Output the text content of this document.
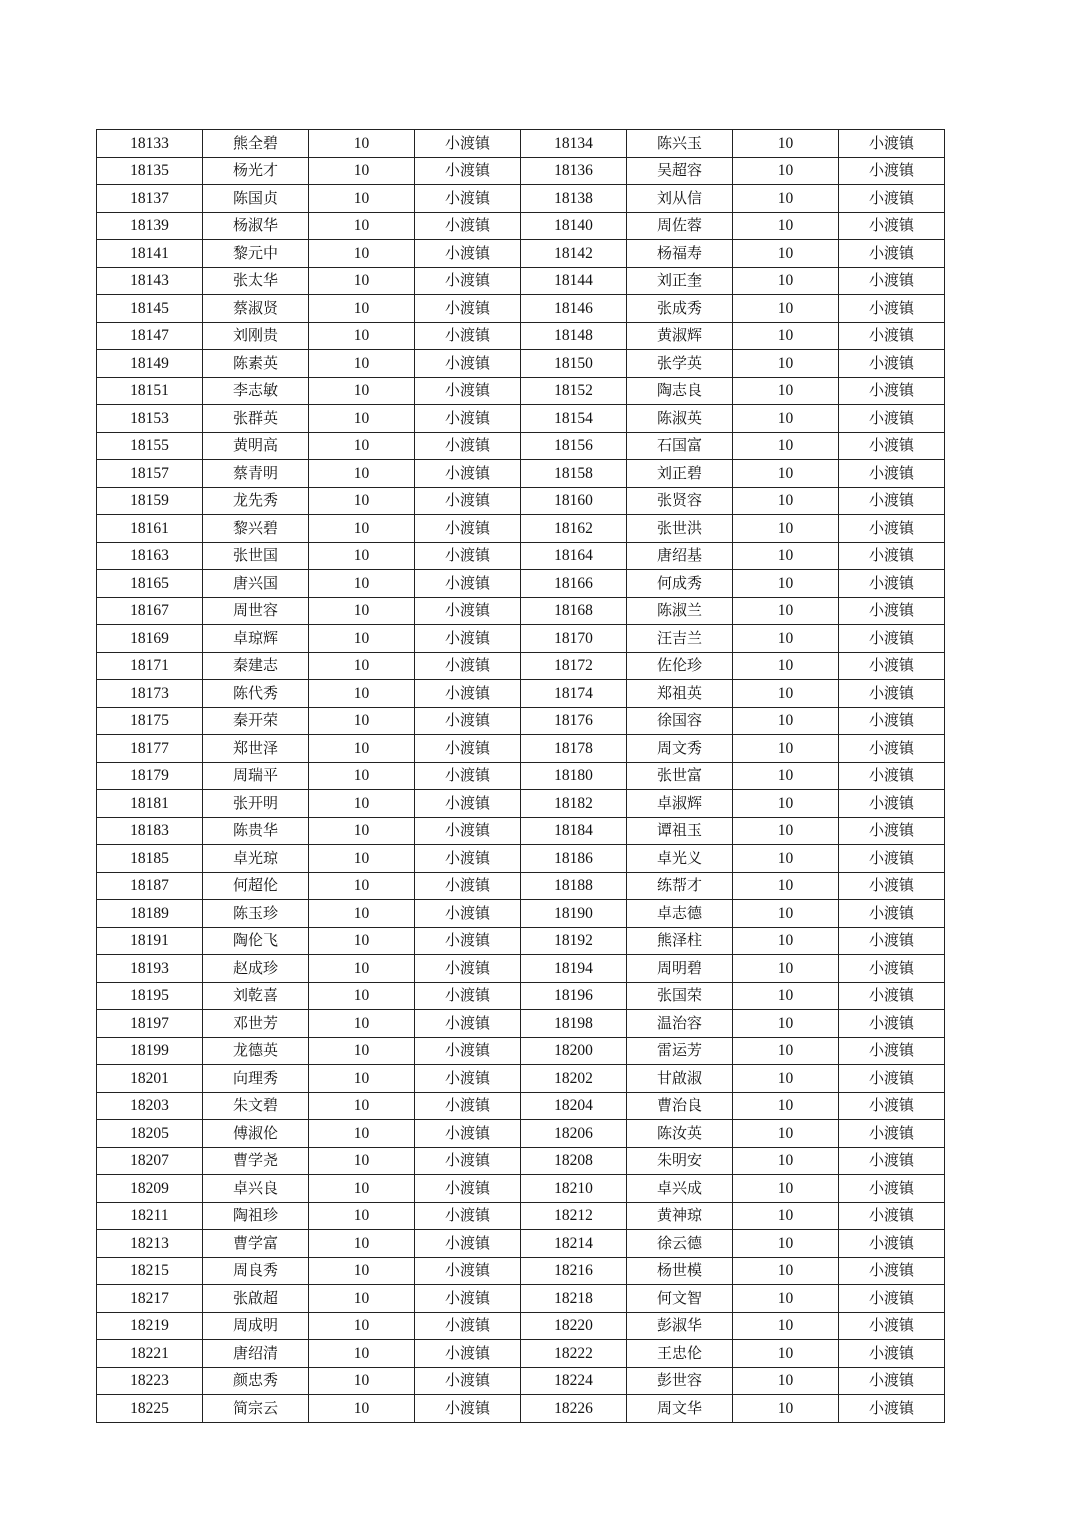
18133	熊全碧	10	小渡镇	18134	陈兴玉	10	小渡镇
18135	杨光才	10	小渡镇	18136	吴超容	10	小渡镇
18137	陈国贞	10	小渡镇	18138	刘从信	10	小渡镇
18139	杨淑华	10	小渡镇	18140	周佐蓉	10	小渡镇
18141	黎元中	10	小渡镇	18142	杨福寿	10	小渡镇
18143	张太华	10	小渡镇	18144	刘正奎	10	小渡镇
18145	蔡淑贤	10	小渡镇	18146	张成秀	10	小渡镇
18147	刘刚贵	10	小渡镇	18148	黄淑辉	10	小渡镇
18149	陈素英	10	小渡镇	18150	张学英	10	小渡镇
18151	李志敏	10	小渡镇	18152	陶志良	10	小渡镇
18153	张群英	10	小渡镇	18154	陈淑英	10	小渡镇
18155	黄明高	10	小渡镇	18156	石国富	10	小渡镇
18157	蔡青明	10	小渡镇	18158	刘正碧	10	小渡镇
18159	龙先秀	10	小渡镇	18160	张贤容	10	小渡镇
18161	黎兴碧	10	小渡镇	18162	张世洪	10	小渡镇
18163	张世国	10	小渡镇	18164	唐绍基	10	小渡镇
18165	唐兴国	10	小渡镇	18166	何成秀	10	小渡镇
18167	周世容	10	小渡镇	18168	陈淑兰	10	小渡镇
18169	卓琼辉	10	小渡镇	18170	汪吉兰	10	小渡镇
18171	秦建志	10	小渡镇	18172	佐伦珍	10	小渡镇
18173	陈代秀	10	小渡镇	18174	郑祖英	10	小渡镇
18175	秦开荣	10	小渡镇	18176	徐国容	10	小渡镇
18177	郑世泽	10	小渡镇	18178	周文秀	10	小渡镇
18179	周瑞平	10	小渡镇	18180	张世富	10	小渡镇
18181	张开明	10	小渡镇	18182	卓淑辉	10	小渡镇
18183	陈贵华	10	小渡镇	18184	谭祖玉	10	小渡镇
18185	卓光琼	10	小渡镇	18186	卓光义	10	小渡镇
18187	何超伦	10	小渡镇	18188	练帮才	10	小渡镇
18189	陈玉珍	10	小渡镇	18190	卓志德	10	小渡镇
18191	陶伦飞	10	小渡镇	18192	熊泽柱	10	小渡镇
18193	赵成珍	10	小渡镇	18194	周明碧	10	小渡镇
18195	刘乾喜	10	小渡镇	18196	张国荣	10	小渡镇
18197	邓世芳	10	小渡镇	18198	温治容	10	小渡镇
18199	龙德英	10	小渡镇	18200	雷运芳	10	小渡镇
18201	向理秀	10	小渡镇	18202	甘啟淑	10	小渡镇
18203	朱文碧	10	小渡镇	18204	曹治良	10	小渡镇
18205	傅淑伦	10	小渡镇	18206	陈汝英	10	小渡镇
18207	曹学尧	10	小渡镇	18208	朱明安	10	小渡镇
18209	卓兴良	10	小渡镇	18210	卓兴成	10	小渡镇
18211	陶祖珍	10	小渡镇	18212	黄神琼	10	小渡镇
18213	曹学富	10	小渡镇	18214	徐云德	10	小渡镇
18215	周良秀	10	小渡镇	18216	杨世模	10	小渡镇
18217	张啟超	10	小渡镇	18218	何文智	10	小渡镇
18219	周成明	10	小渡镇	18220	彭淑华	10	小渡镇
18221	唐绍清	10	小渡镇	18222	王忠伦	10	小渡镇
18223	颜忠秀	10	小渡镇	18224	彭世容	10	小渡镇
18225	简宗云	10	小渡镇	18226	周文华	10	小渡镇
